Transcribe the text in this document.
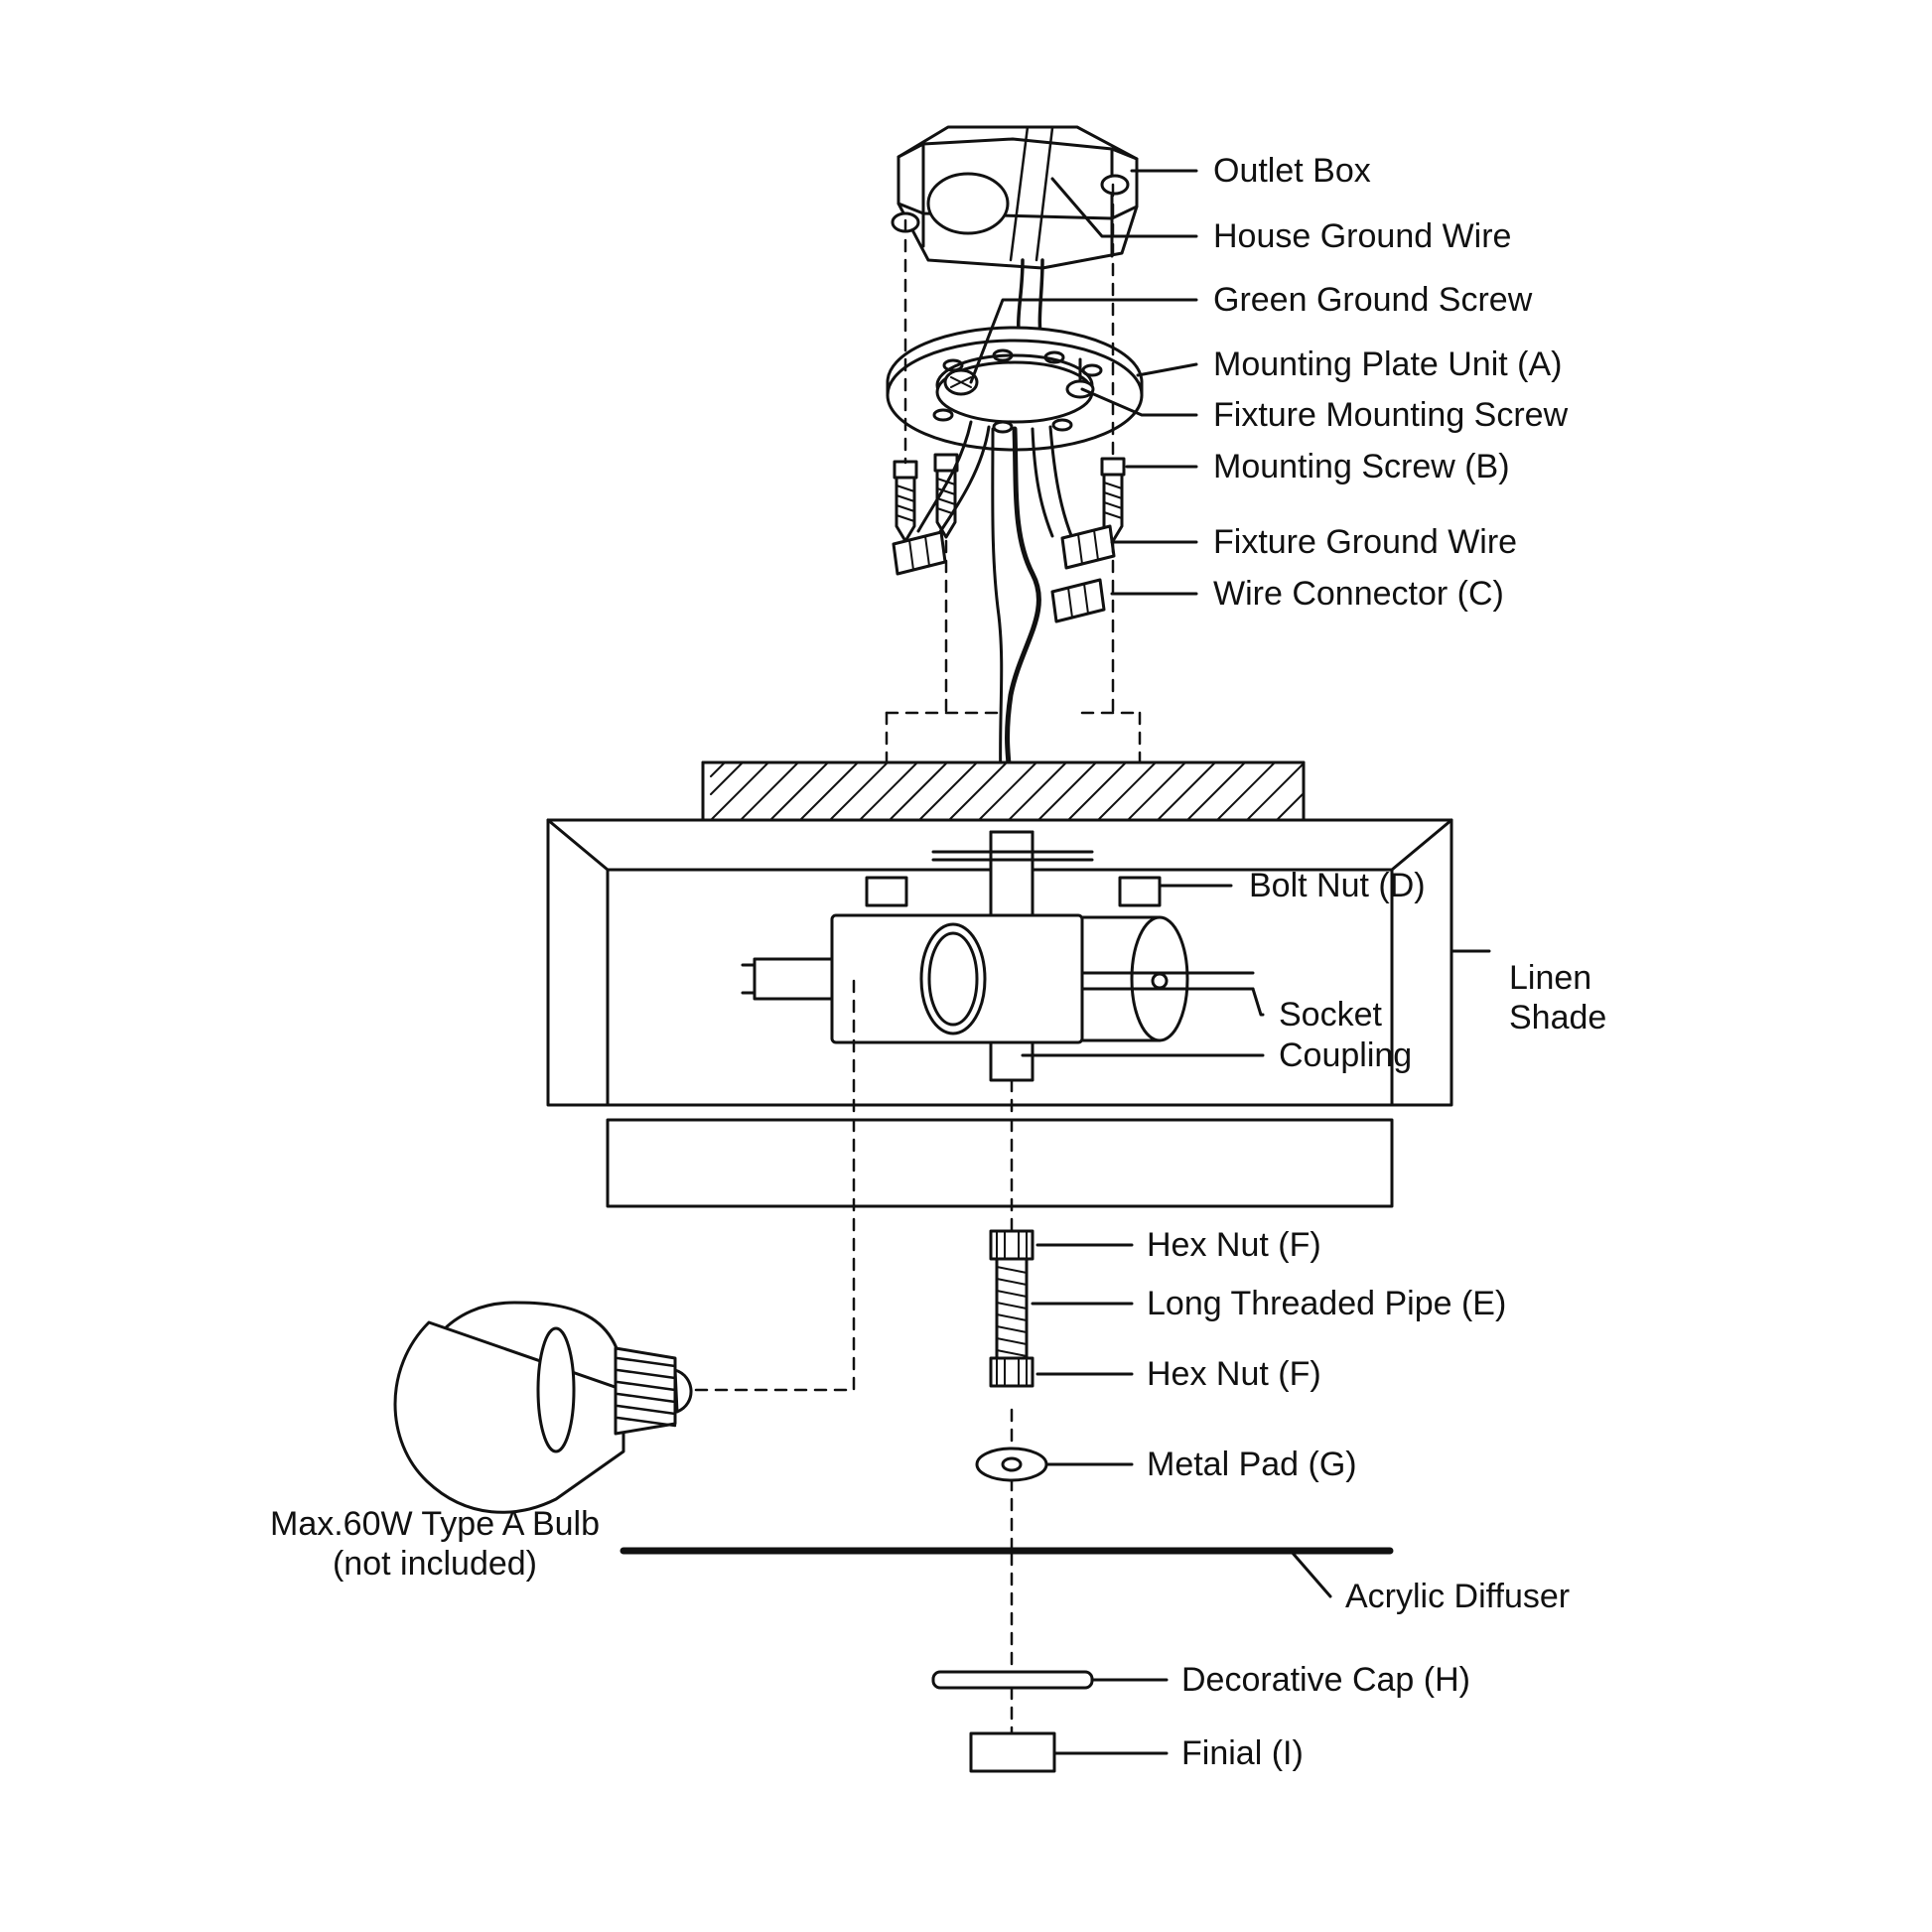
Outlet Box
House Ground Wire
Green Ground Screw
Mounting Plate Unit (A)
Fixture Mounting Screw
Mounting Screw (B)
Fixture Ground Wire
Wire Connector (C)
Bolt Nut (D)
Socket
Coupling
Hex Nut (F)
Long Threaded Pipe (E)
Hex Nut (F)
Metal Pad (G)
Acrylic Diffuser
Decorative Cap (H)
Finial (I)
Linen
Shade
Max.60W Type A Bulb
(not included)
